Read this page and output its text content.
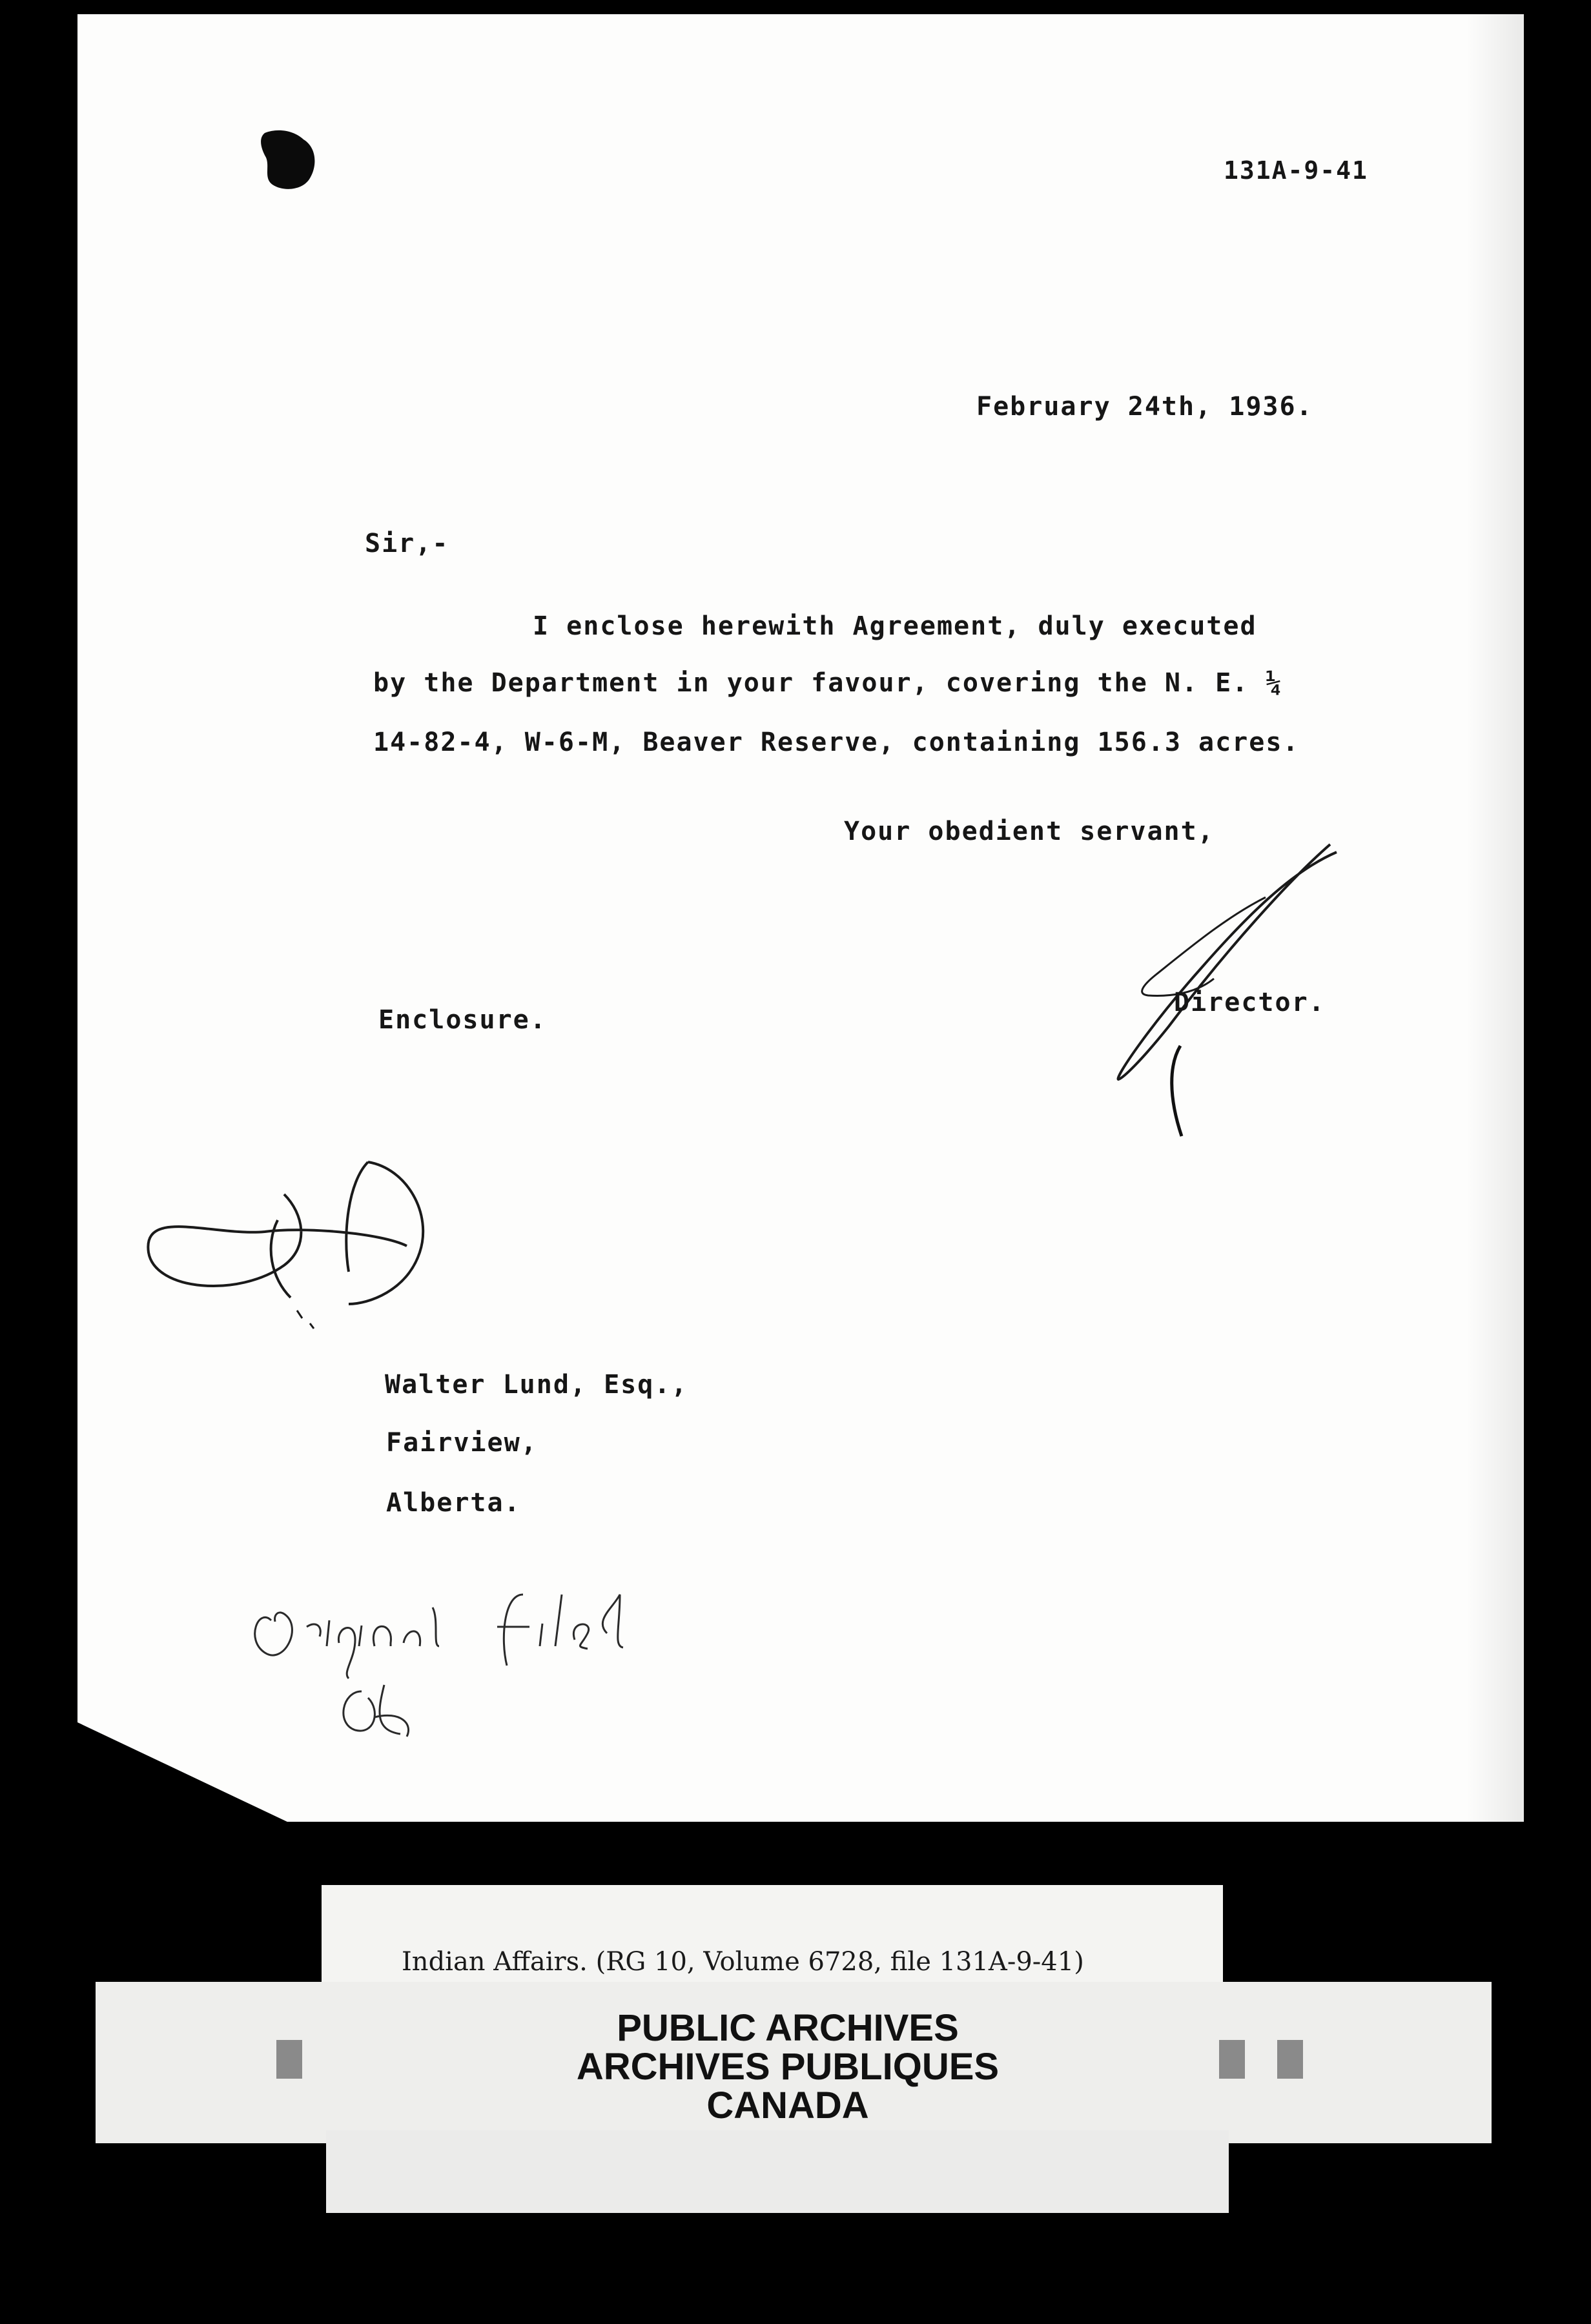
131A-9-41
February 24th, 1936.
Sir,-
I enclose herewith Agreement, duly executed
by the Department in your favour, covering the N. E. ¼
14-82-4, W-6-M, Beaver Reserve, containing 156.3 acres.
Your obedient servant,
Director.
Enclosure.
Walter Lund, Esq.,
Fairview,
Alberta.
Indian Affairs. (RG 10, Volume 6728, file 131A-9-41)
PUBLIC ARCHIVES
ARCHIVES PUBLIQUES
CANADA
